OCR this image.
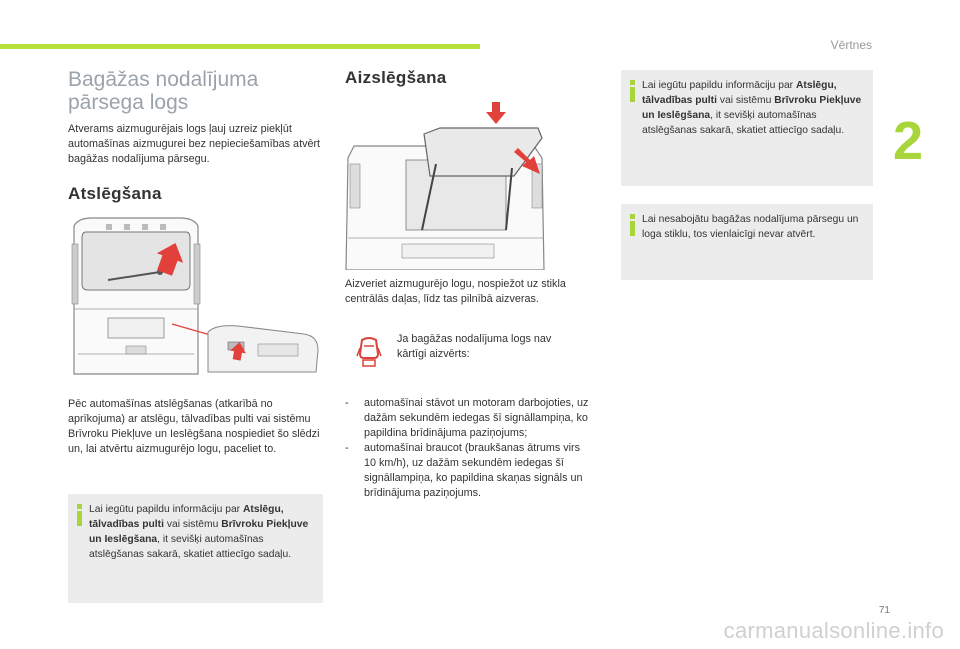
Vērtnes
2
Bagāžas nodalījuma
pārsega logs
Atverams aizmugurējais logs ļauj uzreiz piekļūt automašīnas aizmugurei bez nepieciešamības atvērt bagāžas nodalījuma pārsegu.
Atslēgšana
Pēc automašīnas atslēgšanas (atkarībā no aprīkojuma) ar atslēgu, tālvadības pulti vai sistēmu Brīvroku Piekļuve un Ieslēgšana nospiediet šo slēdzi un, lai atvērtu aizmugurējo logu, paceliet to.
Lai iegūtu papildu informāciju par Atslēgu, tālvadības pulti vai sistēmu Brīvroku Piekļuve un Ieslēgšana, it sevišķi automašīnas atslēgšanas sakarā, skatiet attiecīgo sadaļu.
Aizslēgšana
Aizveriet aizmugurējo logu, nospiežot uz stikla centrālās daļas, līdz tas pilnībā aizveras.
Ja bagāžas nodalījuma logs nav kārtīgi aizvērts:
- automašīnai stāvot un motoram darbojoties, uz dažām sekundēm iedegas šī signāllampiņa, ko papildina brīdinājuma paziņojums;
- automašīnai braucot (braukšanas ātrums virs 10 km/h), uz dažām sekundēm iedegas šī signāllampiņa, ko papildina skaņas signāls un brīdinājuma paziņojums.
Lai iegūtu papildu informāciju par Atslēgu, tālvadības pulti vai sistēmu Brīvroku Piekļuve un Ieslēgšana, it sevišķi automašīnas atslēgšanas sakarā, skatiet attiecīgo sadaļu.
Lai nesabojātu bagāžas nodalījuma pārsegu un loga stiklu, tos vienlaicīgi nevar atvērt.
71
carmanualsonline.info
